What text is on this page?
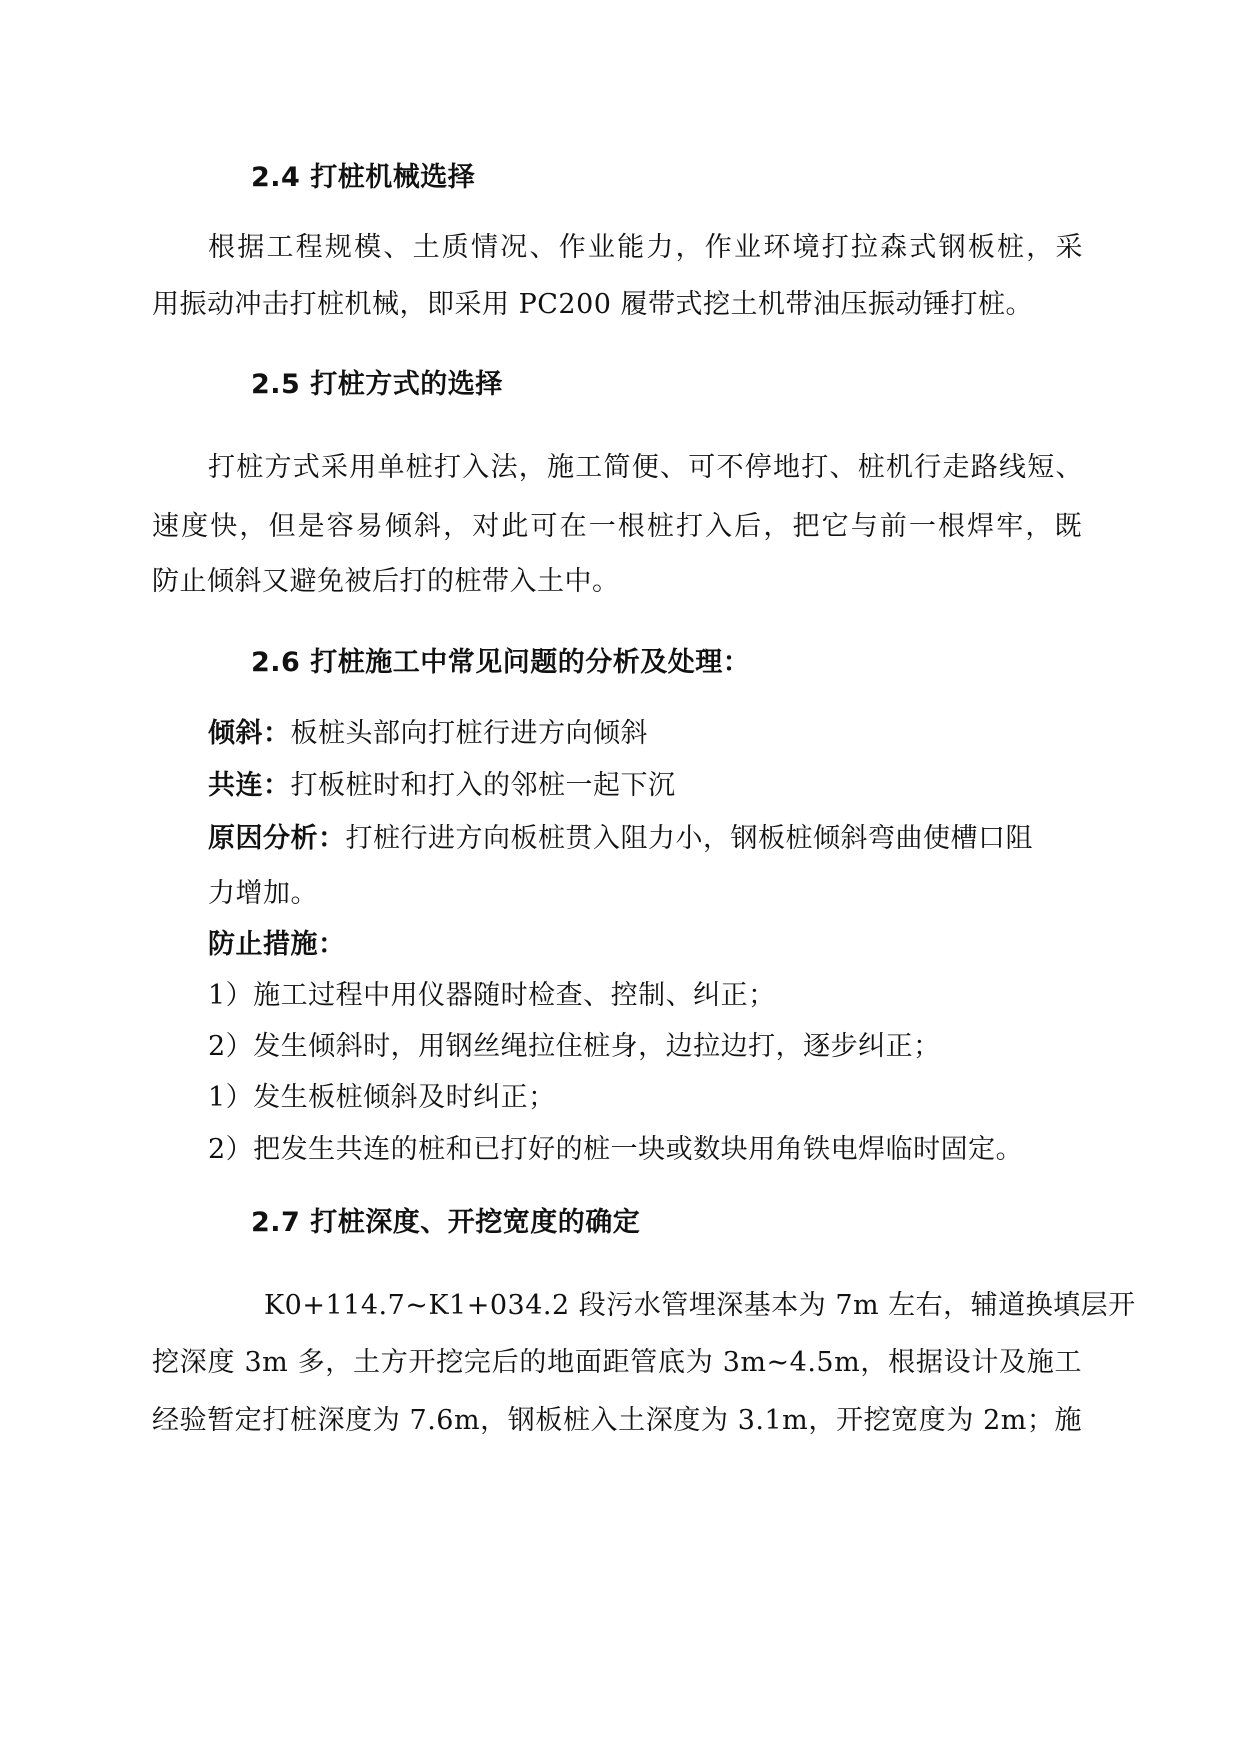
2.4 打桩机械选择
根据工程规模、土质情况、作业能力，作业环境打拉森式钢板桩，采
用振动冲击打桩机械，即采用 PC200 履带式挖土机带油压振动锤打桩。
2.5 打桩方式的选择
打桩方式采用单桩打入法，施工简便、可不停地打、桩机行走路线短、
速度快，但是容易倾斜，对此可在一根桩打入后，把它与前一根焊牢，既
防止倾斜又避免被后打的桩带入土中。
2.6 打桩施工中常见问题的分析及处理：
倾斜：板桩头部向打桩行进方向倾斜
共连：打板桩时和打入的邻桩一起下沉
原因分析：打桩行进方向板桩贯入阻力小，钢板桩倾斜弯曲使槽口阻
力增加。
防止措施：
1）施工过程中用仪器随时检查、控制、纠正；
2）发生倾斜时，用钢丝绳拉住桩身，边拉边打，逐步纠正；
1）发生板桩倾斜及时纠正；
2）把发生共连的桩和已打好的桩一块或数块用角铁电焊临时固定。
2.7 打桩深度、开挖宽度的确定
K0+114.7~K1+034.2 段污水管埋深基本为 7m 左右，辅道换填层开
挖深度 3m 多，土方开挖完后的地面距管底为 3m~4.5m，根据设计及施工
经验暂定打桩深度为 7.6m，钢板桩入土深度为 3.1m，开挖宽度为 2m；施
